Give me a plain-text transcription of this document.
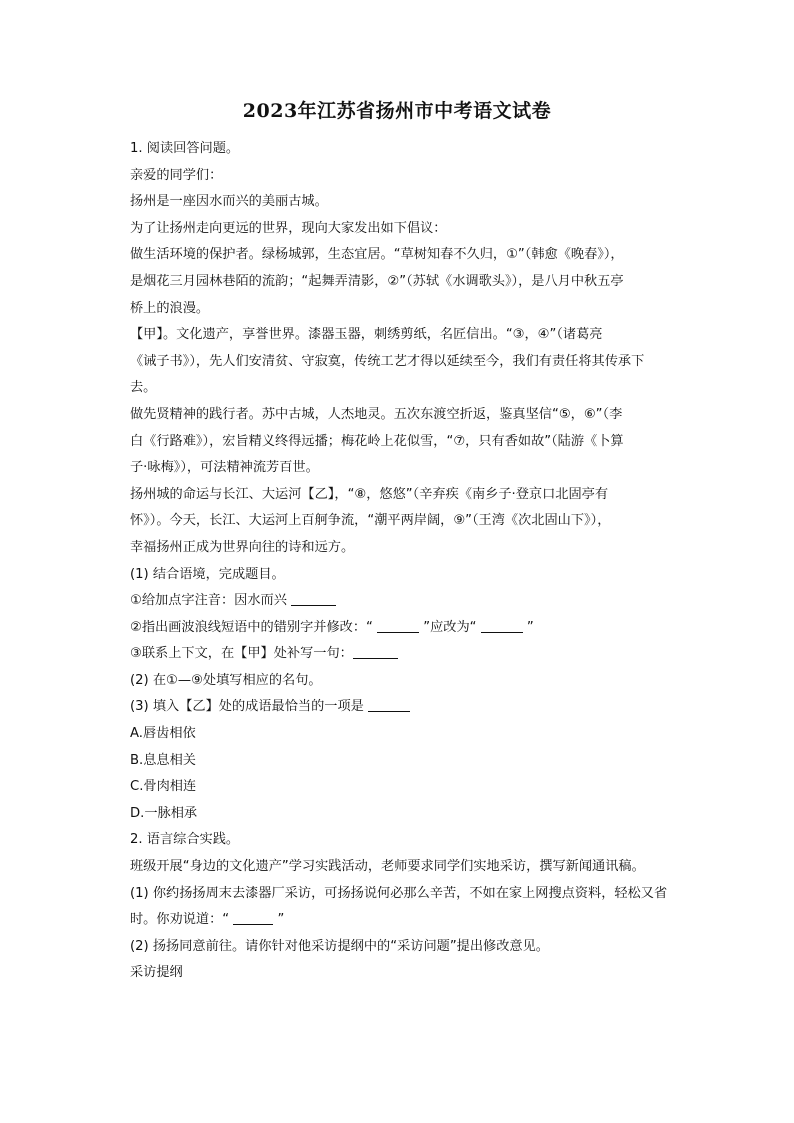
2023年江苏省扬州市中考语文试卷
1. 阅读回答问题。
亲爱的同学们：
扬州是一座因水而兴的美丽古城。
为了让扬州走向更远的世界，现向大家发出如下倡议：
做生活环境的保护者。绿杨城郭，生态宜居。“草树知春不久归，①”（韩愈《晚春》），
是烟花三月园林巷陌的流韵；“起舞弄清影，②”（苏轼《水调歌头》），是八月中秋五亭
桥上的浪漫。
【甲】。文化遗产，享誉世界。漆器玉器，刺绣剪纸，名匠信出。“③，④”（诸葛亮
《诫子书》），先人们安清贫、守寂寞，传统工艺才得以延续至今，我们有责任将其传承下
去。
做先贤精神的践行者。苏中古城，人杰地灵。五次东渡空折返，鉴真坚信“⑤，⑥”（李
白《行路难》），宏旨精义终得远播；梅花岭上花似雪，“⑦，只有香如故”（陆游《卜算
子·咏梅》），可法精神流芳百世。
扬州城的命运与长江、大运河【乙】，“⑧，悠悠”（辛弃疾《南乡子·登京口北固亭有
怀》）。今天，长江、大运河上百舸争流，“潮平两岸阔，⑨”（王湾《次北固山下》），
幸福扬州正成为世界向往的诗和远方。
(1) 结合语境，完成题目。
①给加点字注音：因水而兴
②指出画波浪线短语中的错别字并修改：“	”应改为“	”
③联系上下文，在【甲】处补写一句：
(2) 在①—⑨处填写相应的名句。
(3) 填入【乙】处的成语最恰当的一项是
A.唇齿相依
B.息息相关
C.骨肉相连
D.一脉相承
2. 语言综合实践。
班级开展“身边的文化遗产”学习实践活动，老师要求同学们实地采访，撰写新闻通讯稿。
(1) 你约扬扬周末去漆器厂采访，可扬扬说何必那么辛苦，不如在家上网搜点资料，轻松又省
时。你劝说道：“	”
(2) 扬扬同意前往。请你针对他采访提纲中的“采访问题”提出修改意见。
采访提纲
